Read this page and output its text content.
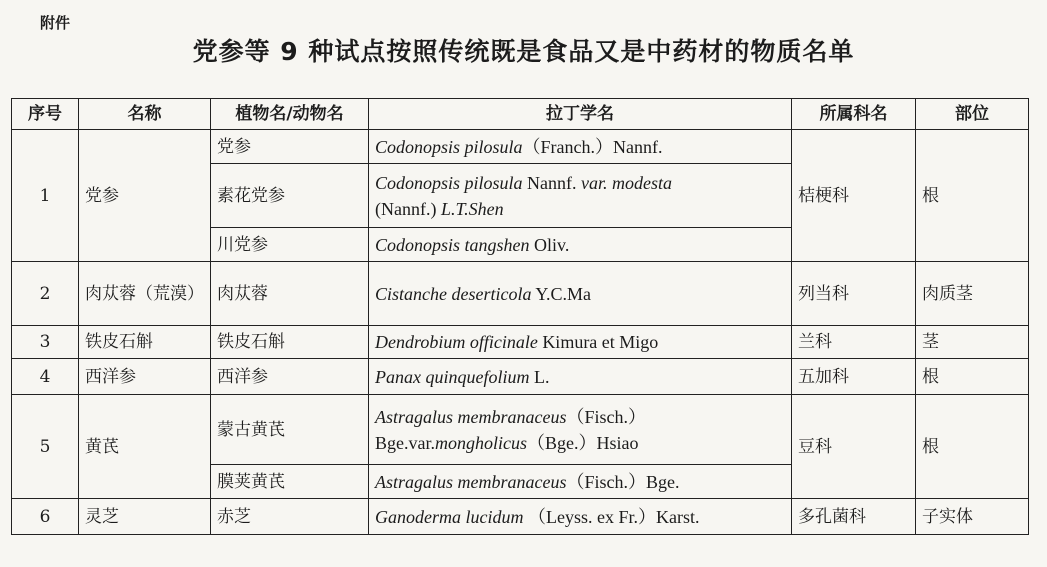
附件
党参等 9 种试点按照传统既是食品又是中药材的物质名单
序号	名称	植物名/动物名	拉丁学名	所属科名	部位
1	党参	党参	Codonopsis pilosula（Franch.）Nannf.	桔梗科	根
		素花党参	Codonopsis pilosula Nannf. var. modesta
(Nannf.) L.T.Shen		
		川党参	Codonopsis tangshen Oliv.		
2	肉苁蓉（荒漠）	肉苁蓉	Cistanche deserticola Y.C.Ma	列当科	肉质茎
3	铁皮石斛	铁皮石斛	Dendrobium officinale Kimura et Migo	兰科	茎
4	西洋参	西洋参	Panax quinquefolium L.	五加科	根
5	黄芪	蒙古黄芪	Astragalus membranaceus（Fisch.）
Bge.var.mongholicus（Bge.）Hsiao	豆科	根
		膜荚黄芪	Astragalus membranaceus（Fisch.）Bge.		
6	灵芝	赤芝	Ganoderma lucidum （Leyss. ex Fr.）Karst.	多孔菌科	子实体
